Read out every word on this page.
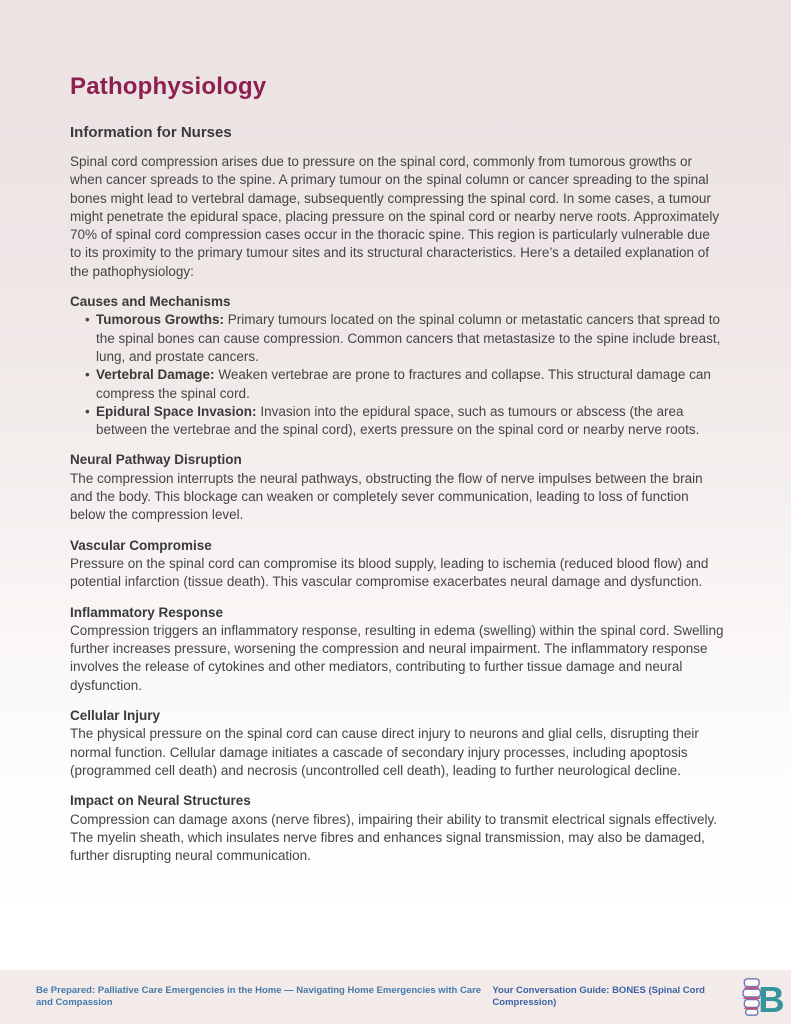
Pathophysiology
Information for Nurses

Spinal cord compression arises due to pressure on the spinal cord, commonly from tumorous growths or when cancer spreads to the spine. A primary tumour on the spinal column or cancer spreading to the spinal bones might lead to vertebral damage, subsequently compressing the spinal cord. In some cases, a tumour might penetrate the epidural space, placing pressure on the spinal cord or nearby nerve roots. Approximately 70% of spinal cord compression cases occur in the thoracic spine. This region is particularly vulnerable due to its proximity to the primary tumour sites and its structural characteristics. Here’s a detailed explanation of the pathophysiology:

Causes and Mechanisms
• Tumorous Growths: Primary tumours located on the spinal column or metastatic cancers that spread to the spinal bones can cause compression. Common cancers that metastasize to the spine include breast, lung, and prostate cancers.
• Vertebral Damage: Weaken vertebrae are prone to fractures and collapse. This structural damage can compress the spinal cord.
• Epidural Space Invasion: Invasion into the epidural space, such as tumours or abscess (the area between the vertebrae and the spinal cord), exerts pressure on the spinal cord or nearby nerve roots.
Neural Pathway Disruption

The compression interrupts the neural pathways, obstructing the flow of nerve impulses between the brain and the body. This blockage can weaken or completely sever communication, leading to loss of function below the compression level.

Vascular Compromise

Pressure on the spinal cord can compromise its blood supply, leading to ischemia (reduced blood flow) and potential infarction (tissue death). This vascular compromise exacerbates neural damage and dysfunction.

Inflammatory Response

Compression triggers an inflammatory response, resulting in edema (swelling) within the spinal cord. Swelling further increases pressure, worsening the compression and neural impairment. The inflammatory response involves the release of cytokines and other mediators, contributing to further tissue damage and neural dysfunction.

Cellular Injury

The physical pressure on the spinal cord can cause direct injury to neurons and glial cells, disrupting their normal function. Cellular damage initiates a cascade of secondary injury processes, including apoptosis (programmed cell death) and necrosis (uncontrolled cell death), leading to further neurological decline.

Impact on Neural Structures

Compression can damage axons (nerve fibres), impairing their ability to transmit electrical signals effectively. The myelin sheath, which insulates nerve fibres and enhances signal transmission, may also be damaged, further disrupting neural communication.

Be Prepared: Palliative Care Emergencies in the Home — Navigating Home Emergencies with Care and Compassion
Your Conversation Guide: BONES (Spinal Cord Compression)	B
